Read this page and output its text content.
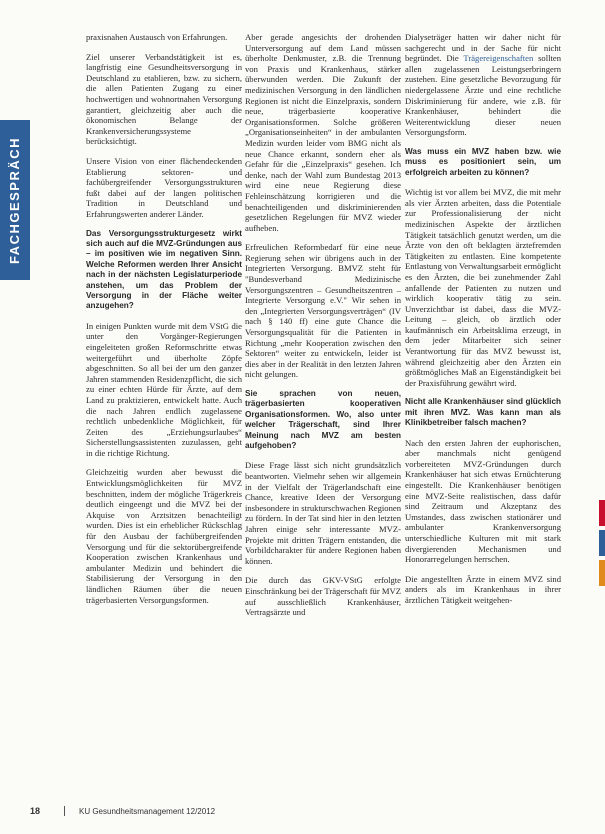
FACHGESPRÄCH

praxisnahen Austausch von Erfahrungen.

Ziel unserer Verbandstätigkeit ist es, langfristig eine Gesundheitsversorgung in Deutschland zu etablieren, bzw. zu sichern, die allen Patienten Zugang zu einer hochwertigen und wohnortnahen Versorgung garantiert, gleichzeitig aber auch die ökonomischen Belange der Krankenversicherungssysteme berücksichtigt.

Unsere Vision von einer flächendeckenden Etablierung sektoren- und fachübergreifender Versorgungsstrukturen fußt dabei auf der langen politischen Tradition in Deutschland und Erfahrungswerten anderer Länder.

Das Versorgungsstrukturgesetz wirkt sich auch auf die MVZ-Gründungen aus – im positiven wie im negativen Sinn. Welche Reformen werden Ihrer Ansicht nach in der nächsten Legislaturperiode anstehen, um das Problem der Versorgung in der Fläche weiter anzugehen?

In einigen Punkten wurde mit dem VStG die unter den Vorgänger-Regierungen eingeleiteten großen Reformschritte etwas weitergeführt und überholte Zöpfe abgeschnitten. So all bei der um den ganzer Jahren stammenden Residenzpflicht, die sich zu einer echten Hürde für Ärzte, auf dem Land zu praktizieren, entwickelt hatte. Auch die nach Jahren endlich zugelassene rechtlich unbedenkliche Möglichkeit, für Zeiten des „Erziehungsurlaubes“ Sicherstellungsassistenten zuzulassen, geht in die richtige Richtung.

Gleichzeitig wurden aber bewusst die Entwicklungsmöglichkeiten für MVZ beschnitten, indem der mögliche Trägerkreis deutlich eingeengt und die MVZ bei der Akquise von Arztsitzen benachteiligt wurden. Dies ist ein erheblicher Rückschlag für den Ausbau der fachübergreifenden Versorgung und für die sektorübergreifende Kooperation zwischen Krankenhaus und ambulanter Medizin und behindert die Stabilisierung der Versorgung in den ländlichen Räumen über die neuen trägerbasierten Versorgungsformen.

Aber gerade angesichts der drohenden Unterversorgung auf dem Land müssen überholte Denkmuster, z.B. die Trennung von Praxis und Krankenhaus, stärker überwunden werden. Die Zukunft der medizinischen Versorgung in den ländlichen Regionen ist nicht die Einzelpraxis, sondern neue, trägerbasierte kooperative Organisationsformen. Solche größeren „Organisationseinheiten“ in der ambulanten Medizin wurden leider vom BMG nicht als neue Chance erkannt, sondern eher als Gefahr für die „Einzelpraxis“ gesehen. Ich denke, nach der Wahl zum Bundestag 2013 wird eine neue Regierung diese Fehleinschätzung korrigieren und die benachteiligenden und diskriminierenden gesetzlichen Regelungen für MVZ wieder aufheben.

Erfreulichen Reformbedarf für eine neue Regierung sehen wir übrigens auch in der Integrierten Versorgung. BMVZ steht für "Bundesverband Medizinische Versorgungszentren – Gesundheitszentren – Integrierte Versorgung e.V." Wir sehen in den „Integrierten Versorgungsverträgen“ (IV nach § 140 ff) eine gute Chance die Versorgungsqualität für die Patienten in Richtung „mehr Kooperation zwischen den Sektoren“ weiter zu entwickeln, leider ist dies aber in der Realität in den letzten Jahren nicht gelungen.

Sie sprachen von neuen, trägerbasierten kooperativen Organisationsformen. Wo, also unter welcher Trägerschaft, sind Ihrer Meinung nach MVZ am besten aufgehoben?

Diese Frage lässt sich nicht grundsätzlich beantworten. Vielmehr sehen wir allgemein in der Vielfalt der Trägerlandschaft eine Chance, kreative Ideen der Versorgung insbesondere in strukturschwachen Regionen zu fördern. In der Tat sind hier in den letzten Jahren einige sehr interessante MVZ-Projekte mit dritten Trägern entstanden, die Vorbildcharakter für andere Regionen haben können.

Die durch das GKV-VStG erfolgte Einschränkung bei der Trägerschaft für MVZ auf ausschließlich Krankenhäuser, Vertragsärzte und

Dialyseträger hatten wir daher nicht für sachgerecht und in der Sache für nicht begründet. Die Trägereigenschaften sollten allen zugelassenen Leistungserbringern zustehen. Eine gesetzliche Bevorzugung für niedergelassene Ärzte und eine rechtliche Diskriminierung für andere, wie z.B. für Krankenhäuser, behindert die Weiterentwicklung dieser neuen Versorgungsform.

Was muss ein MVZ haben bzw. wie muss es positioniert sein, um erfolgreich arbeiten zu können?

Wichtig ist vor allem bei MVZ, die mit mehr als vier Ärzten arbeiten, dass die Potentiale zur Professionalisierung der nicht medizinischen Aspekte der ärztlichen Tätigkeit tatsächlich genutzt werden, um die Ärzte von den oft beklagten ärztefremden Tätigkeiten zu entlasten. Eine kompetente Entlastung von Verwaltungsarbeit ermöglicht es den Ärzten, die bei zunehmender Zahl anfallende der Patienten zu nutzen und wirklich kooperativ tätig zu sein. Unverzichtbar ist dabei, dass die MVZ-Leitung – gleich, ob ärztlich oder kaufmännisch ein Arbeitsklima erzeugt, in dem jeder Mitarbeiter sich seiner Verantwortung für das MVZ bewusst ist, während gleichzeitig aber den Ärzten ein größtmögliches Maß an Eigenständigkeit bei der Praxisführung gewährt wird.

Nicht alle Krankenhäuser sind glücklich mit ihren MVZ. Was kann man als Klinikbetreiber falsch machen?

Nach den ersten Jahren der euphorischen, aber manchmals nicht genügend vorbereiteten MVZ-Gründungen durch Krankenhäuser hat sich etwas Ernüchterung eingestellt. Die Krankenhäuser benötigen eine MVZ-Seite realistischen, dass dafür sind Zeitraum und Akzeptanz des Umstandes, dass zwischen stationärer und ambulanter Krankenversorgung unterschiedliche Kulturen mit mit stark divergierenden Mechanismen und Honorarregelungen herrschen.

Die angestellten Ärzte in einem MVZ sind anders als im Krankenhaus in ihrer ärztlichen Tätigkeit weitgehen-

18	KU Gesundheitsmanagement 12/2012
